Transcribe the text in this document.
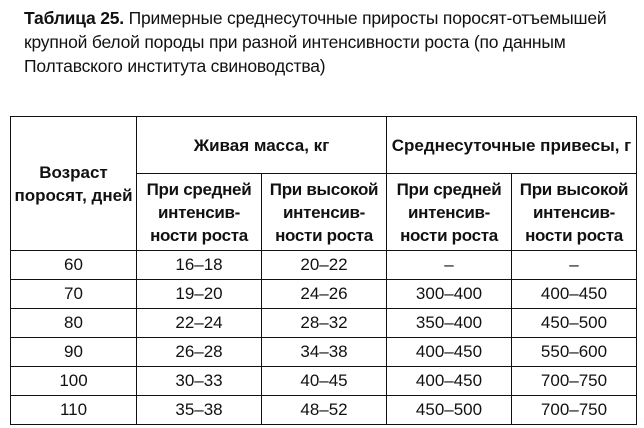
Таблица 25. Примерные среднесуточные приросты поросят-отъемышей крупной белой породы при разной интенсивности роста (по данным Полтавского института свиноводства)
Возраст поросят, дней	Живая масса, кг		Среднесуточные привесы, г	
	При средней интенсив-ности роста	При высокой интенсив-ности роста	При средней интенсив-ности роста	При высокой интенсив-ности роста
60	16–18	20–22	–	–
70	19–20	24–26	300–400	400–450
80	22–24	28–32	350–400	450–500
90	26–28	34–38	400–450	550–600
100	30–33	40–45	400–450	700–750
110	35–38	48–52	450–500	700–750
